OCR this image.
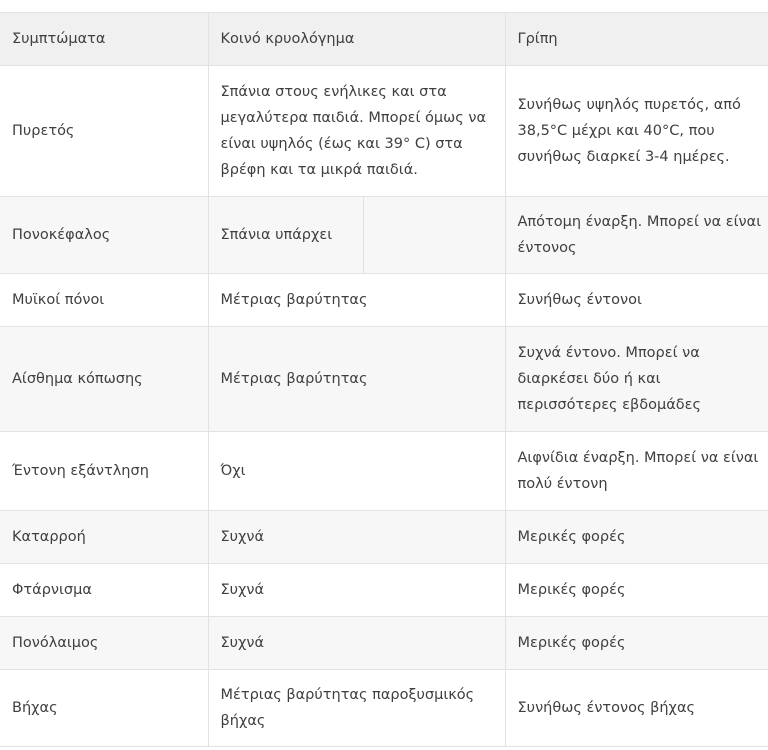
Συμπτώματα	Κοινό κρυολόγημα		Γρίπη
Πυρετός	Σπάνια στους ενήλικες και στα μεγαλύτερα παιδιά. Μπορεί όμως να είναι υψηλός (έως και 39° C) στα βρέφη και τα μικρά παιδιά.		Συνήθως υψηλός πυρετός, από 38,5°C μέχρι και 40°C, που συνήθως διαρκεί 3-4 ημέρες.
Πονοκέφαλος	Σπάνια υπάρχει		Απότομη έναρξη. Μπορεί να είναι έντονος
Μυϊκοί πόνοι	Μέτριας βαρύτητας		Συνήθως έντονοι
Αίσθημα κόπωσης	Μέτριας βαρύτητας		Συχνά έντονο. Μπορεί να διαρκέσει δύο ή και περισσότερες εβδομάδες
Έντονη εξάντληση	Όχι		Αιφνίδια έναρξη. Μπορεί να είναι πολύ έντονη
Καταρροή	Συχνά		Μερικές φορές
Φτάρνισμα	Συχνά		Μερικές φορές
Πονόλαιμος	Συχνά		Μερικές φορές
Βήχας	Μέτριας βαρύτητας παροξυσμικός βήχας		Συνήθως έντονος βήχας
